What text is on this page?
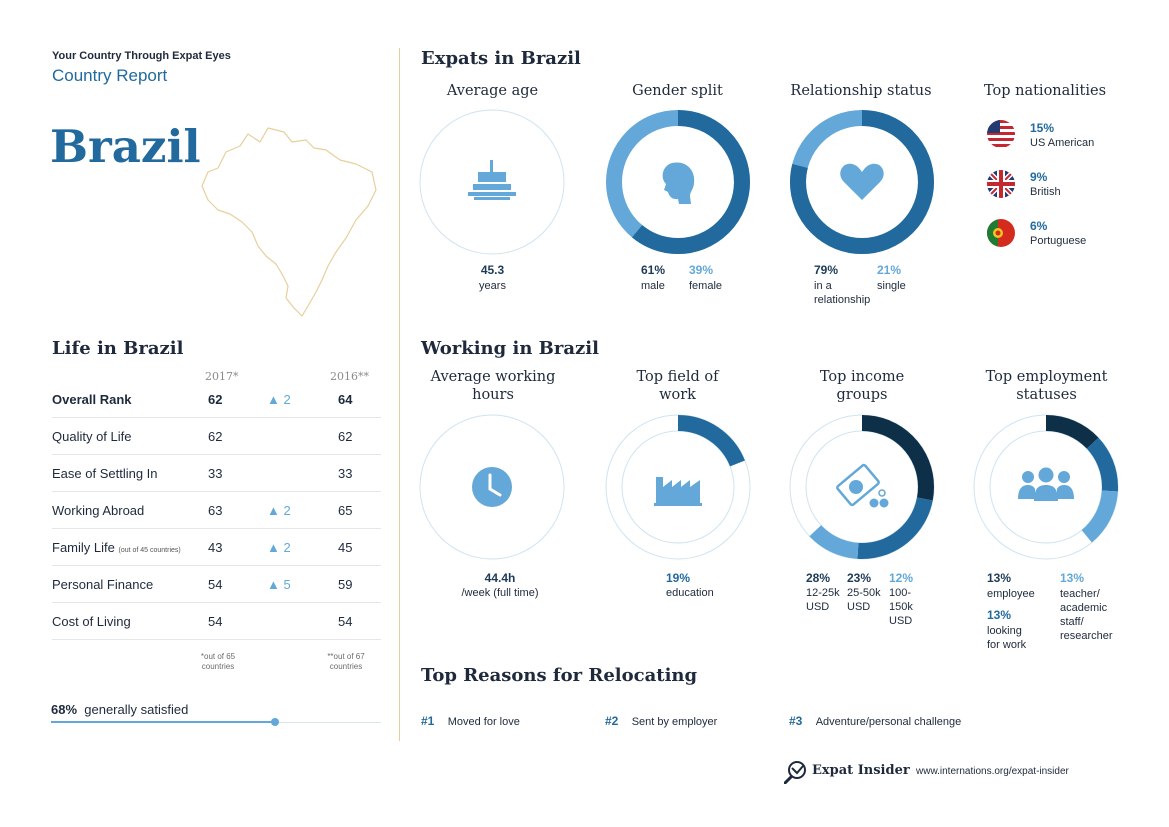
Your Country Through Expat Eyes
Country Report
Brazil
Life in Brazil
2017*	2016**
Overall Rank	62	▲ 2	64
Quality of Life	62	62
Ease of Settling In	33	33
Working Abroad	63	▲ 2	65
Family Life (out of 45 countries) 43	▲ 2	45
Personal Finance	54	▲ 5	59
Cost of Living	54	54
*out of 65 countries
**out of 67 countries
68% generally satisfied
Expats in Brazil
Average age	Gender split	Relationship status	Top nationalities
45.3
years
61%
male
39%
female
79%
in a relationship
21%
single
15%
US American
9%
British
6%
Portuguese
Working in Brazil
Average working hours
Top field of work
Top income groups
Top employment statuses
44.4h
/week (full time)
19%
education
28%
12-25k USD
23%
25-50k USD
12%
100-150k USD
13%
employee
13%
looking for work
13%
teacher/ academic staff/ researcher
Top Reasons for Relocating
#1 Moved for love	#2 Sent by employer	#3 Adventure/personal challenge
Expat Insider www.internations.org/expat-insider
